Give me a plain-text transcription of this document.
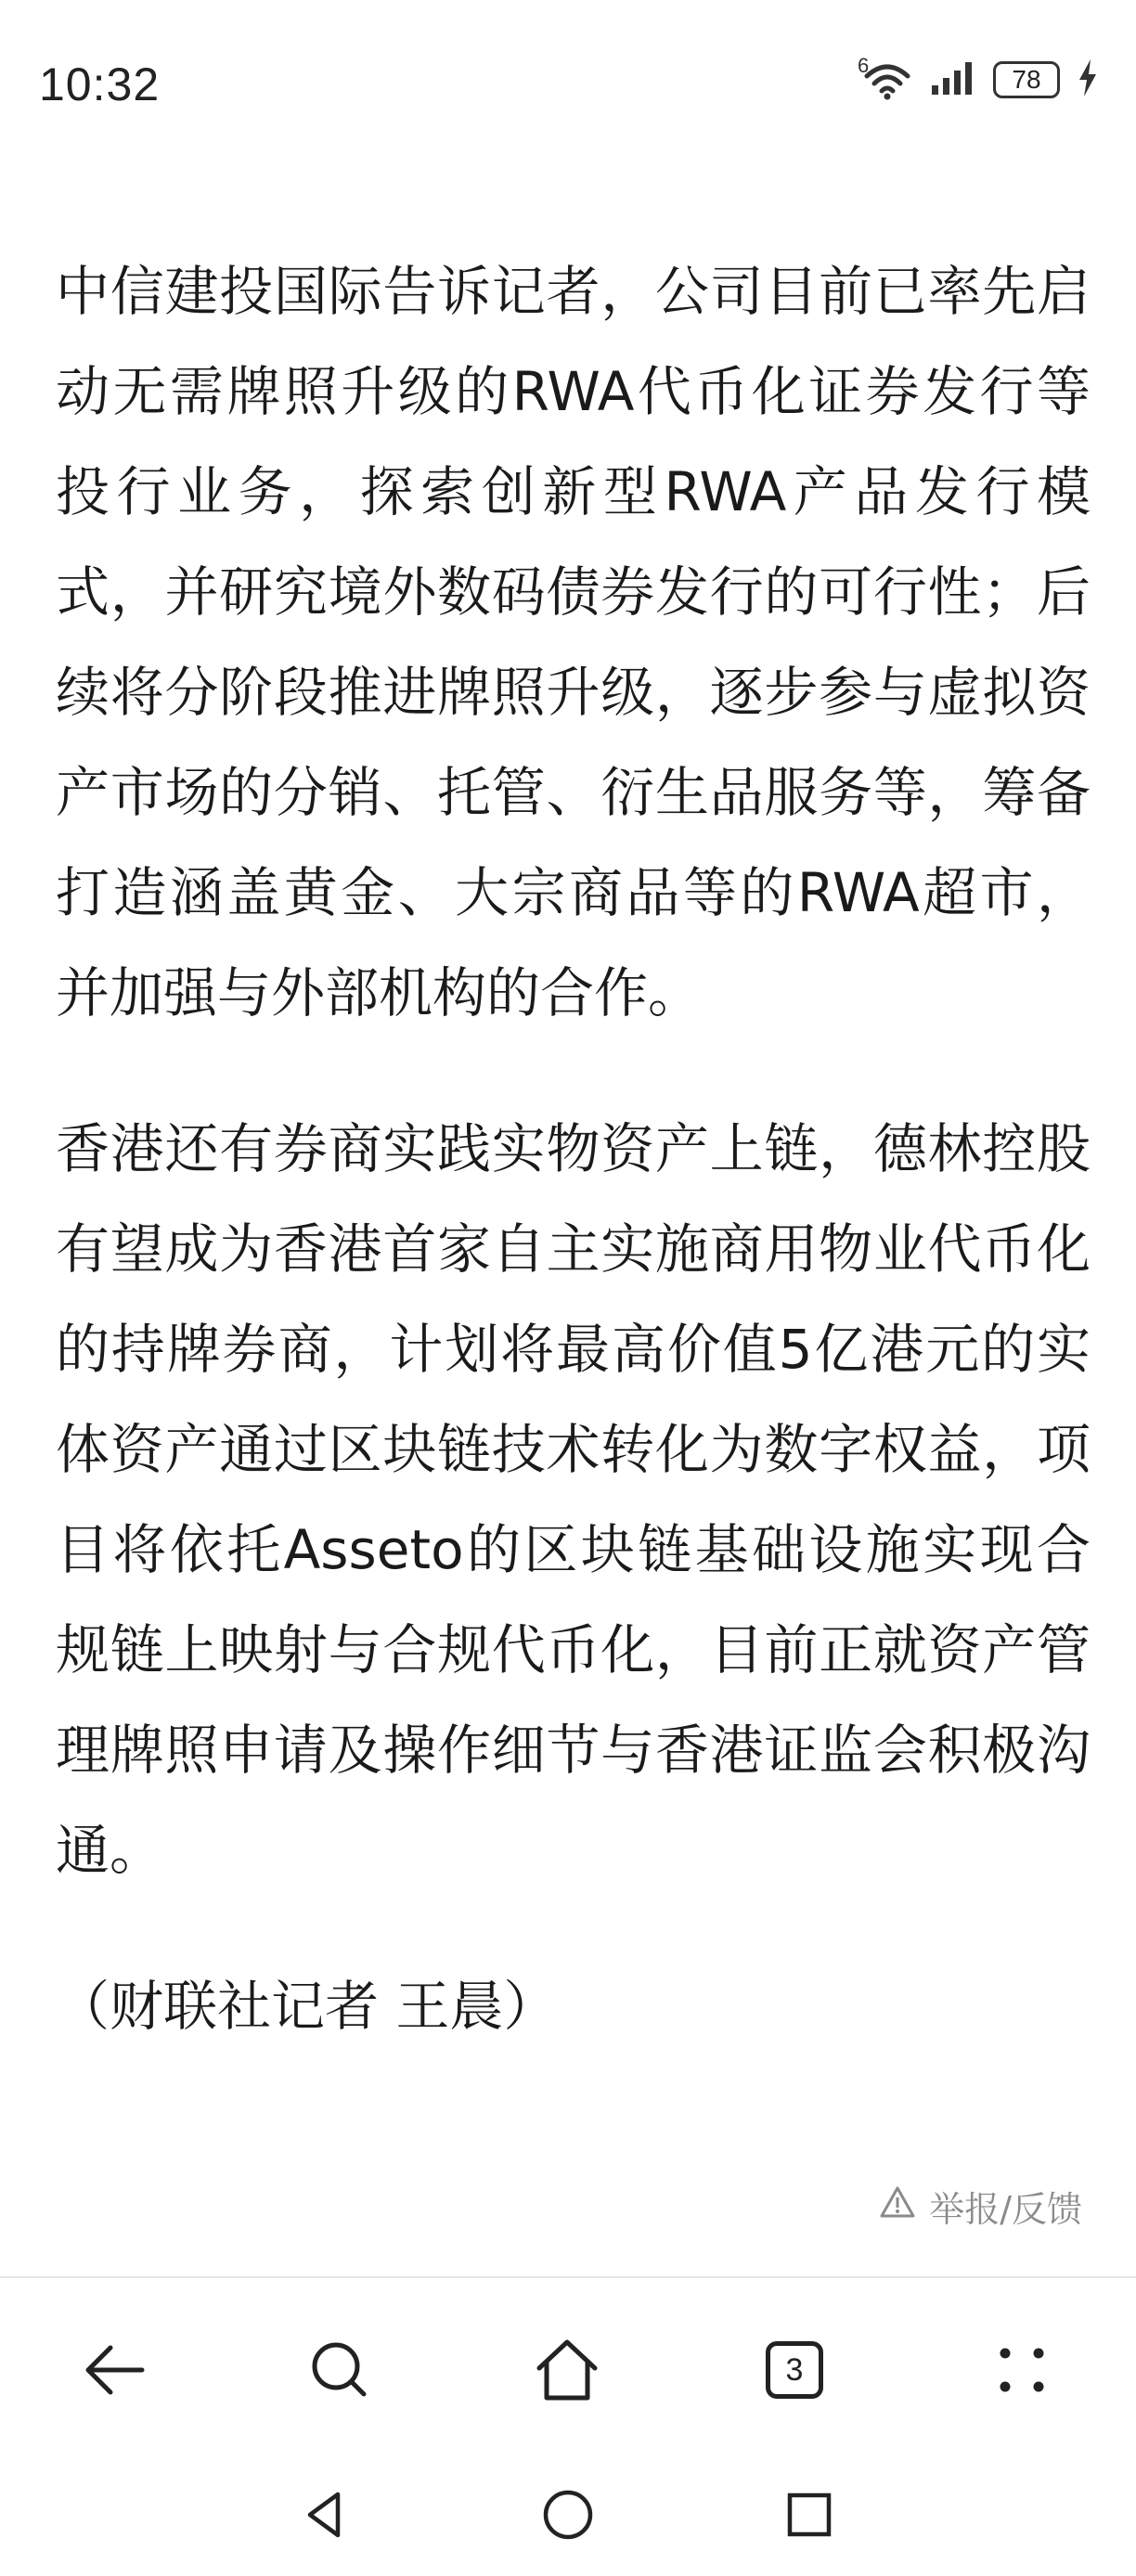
10:32	6	78

中信建投国际告诉记者，公司目前已率先启动无需牌照升级的RWA代币化证券发行等投行业务，探索创新型RWA产品发行模式，并研究境外数码债券发行的可行性；后续将分阶段推进牌照升级，逐步参与虚拟资产市场的分销、托管、衍生品服务等，筹备打造涵盖黄金、大宗商品等的RWA超市，并加强与外部机构的合作。

香港还有券商实践实物资产上链，德林控股有望成为香港首家自主实施商用物业代币化的持牌券商，计划将最高价值5亿港元的实体资产通过区块链技术转化为数字权益，项目将依托Asseto的区块链基础设施实现合规链上映射与合规代币化，目前正就资产管理牌照申请及操作细节与香港证监会积极沟通。

（财联社记者 王晨）

举报/反馈
3
